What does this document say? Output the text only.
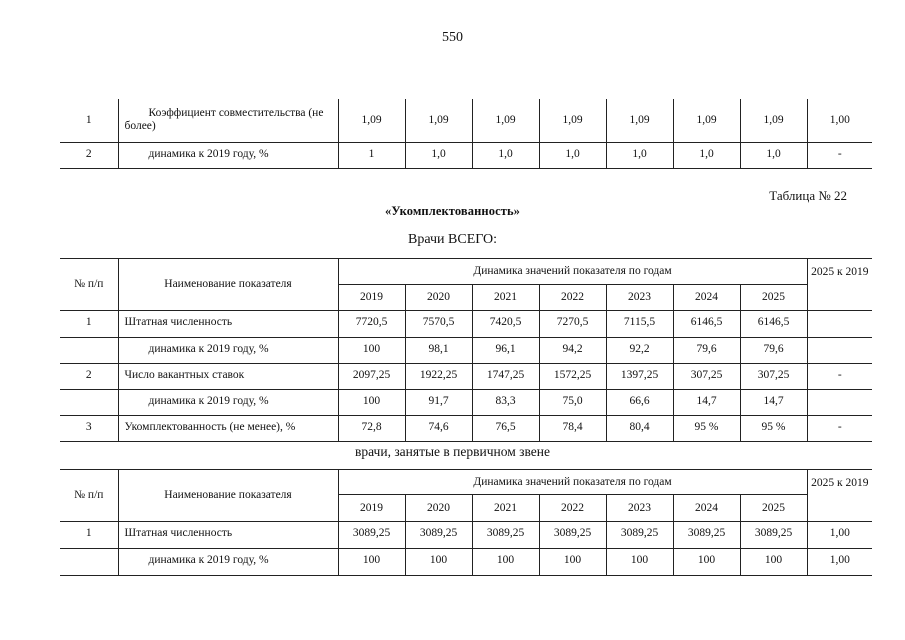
550
1	Коэффициент совместительства (не более)	1,09	1,09	1,09	1,09	1,09	1,09	1,09	1,00
2	динамика к 2019 году, %	1	1,0	1,0	1,0	1,0	1,0	1,0	-
Таблица № 22
«Укомплектованность»
Врачи ВСЕГО:
№ п/п	Наименование показателя	Динамика значений показателя по годам							2025 к 2019
		2019	2020	2021	2022	2023	2024	2025	
1	Штатная численность	7720,5	7570,5	7420,5	7270,5	7115,5	6146,5	6146,5	
	динамика к 2019 году, %	100	98,1	96,1	94,2	92,2	79,6	79,6	
2	Число вакантных ставок	2097,25	1922,25	1747,25	1572,25	1397,25	307,25	307,25	-
	динамика к 2019 году, %	100	91,7	83,3	75,0	66,6	14,7	14,7	
3	Укомплектованность (не менее), %	72,8	74,6	76,5	78,4	80,4	95 %	95 %	-
врачи, занятые в первичном звене
№ п/п	Наименование показателя	Динамика значений показателя по годам							2025 к 2019
		2019	2020	2021	2022	2023	2024	2025	
1	Штатная численность	3089,25	3089,25	3089,25	3089,25	3089,25	3089,25	3089,25	1,00
	динамика к 2019 году, %	100	100	100	100	100	100	100	1,00
